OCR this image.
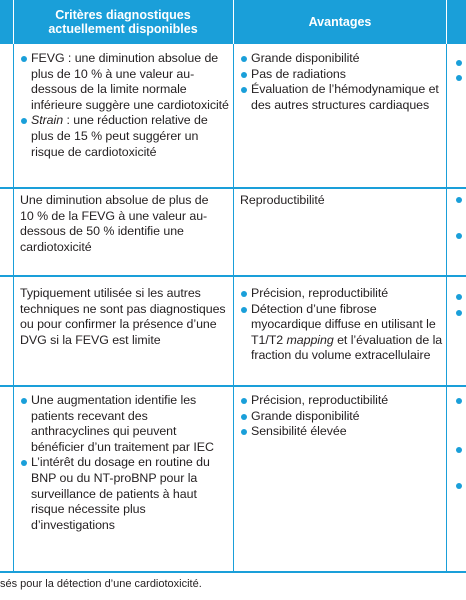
Critères diagnostiques actuellement disponibles	Avantages
FEVG : une diminution absolue de plus de 10 % à une valeur au-dessous de la limite normale inférieure suggère une cardiotoxicité
Strain : une réduction relative de plus de 15 % peut suggérer un risque de cardiotoxicité
Grande disponibilité
Pas de radiations
Évaluation de l’hémodynamique et des autres structures cardiaques
Une diminution absolue de plus de 10 % de la FEVG à une valeur au-dessous de 50 % identifie une cardiotoxicité
Reproductibilité
Typiquement utilisée si les autres techniques ne sont pas diagnostiques ou pour confirmer la présence d’une DVG si la FEVG est limite
Précision, reproductibilité
Détection d’une fibrose myocardique diffuse en utilisant le T1/T2 mapping et l’évaluation de la fraction du volume extracellulaire
Une augmentation identifie les patients recevant des anthracyclines qui peuvent bénéficier d’un traitement par IEC
L’intérêt du dosage en routine du BNP ou du NT-proBNP pour la surveillance de patients à haut risque nécessite plus d’investigations
Précision, reproductibilité
Grande disponibilité
Sensibilité élevée
sés pour la détection d’une cardiotoxicité.
